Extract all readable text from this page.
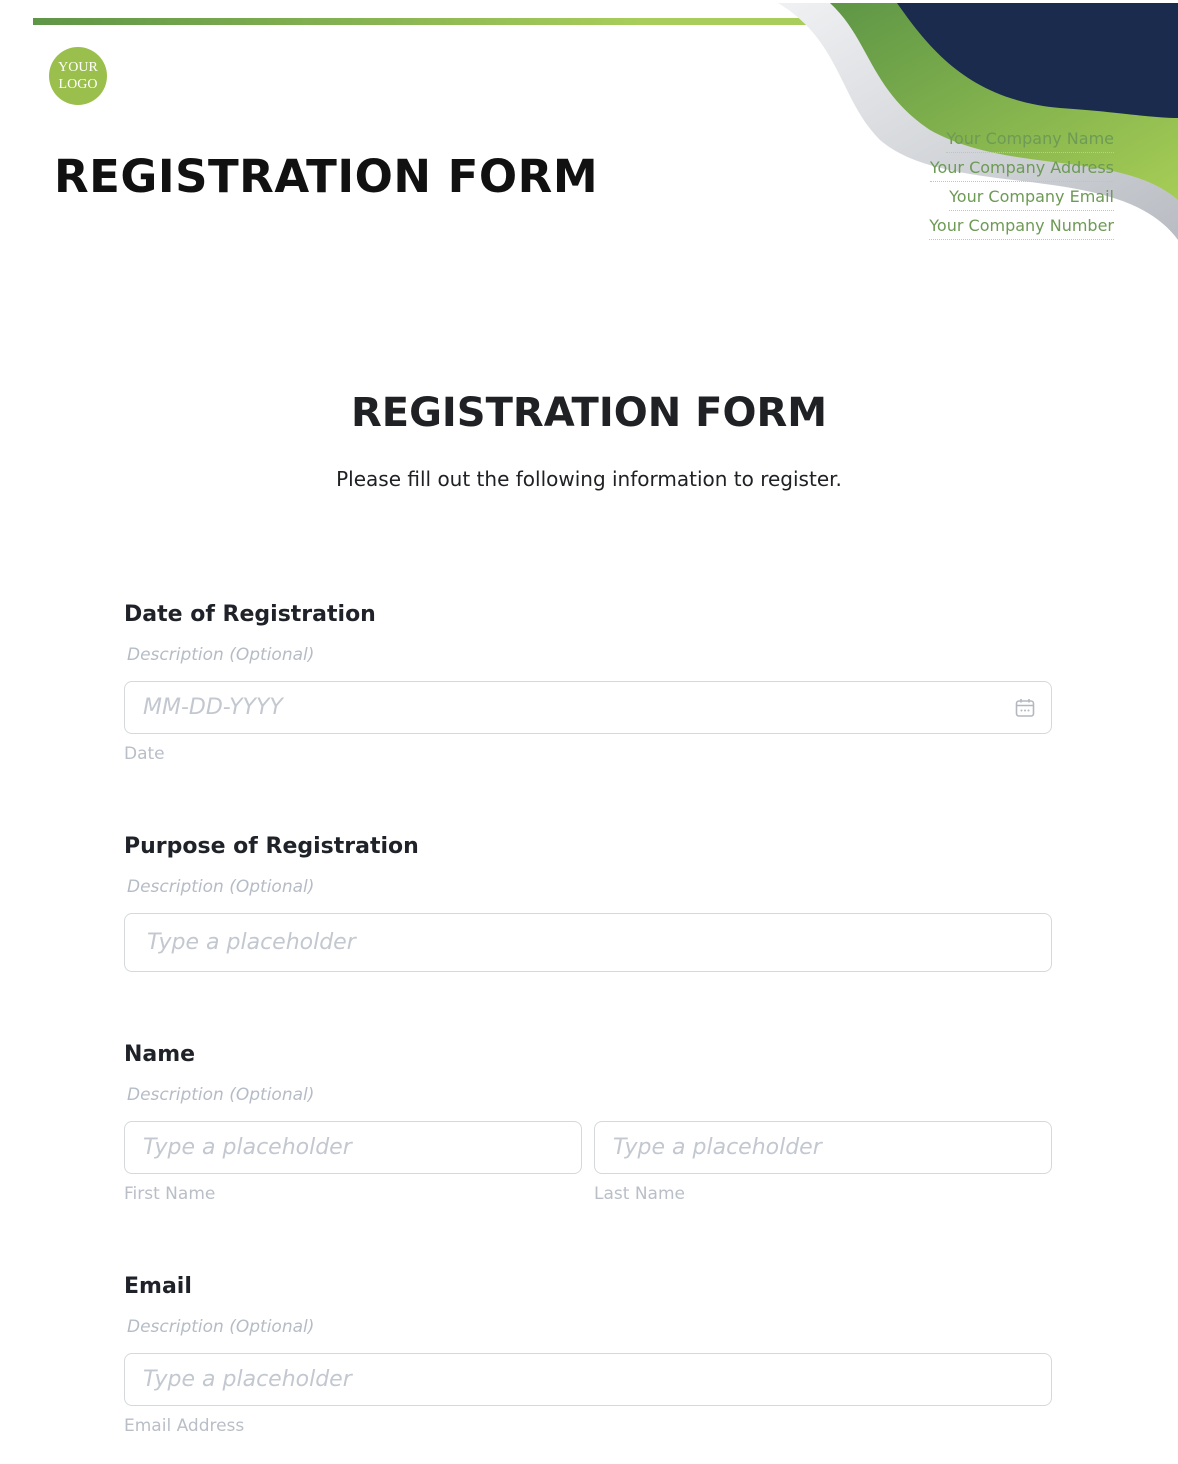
YOUR
LOGO
REGISTRATION FORM
Your Company Name
Your Company Address
Your Company Email
Your Company Number
REGISTRATION FORM
Please fill out the following information to register.
Date of Registration
Description (Optional)
MM-DD-YYYY
Date
Purpose of Registration
Description (Optional)
Type a placeholder
Name
Description (Optional)
Type a placeholder
First Name
Type a placeholder
Last Name
Email
Description (Optional)
Type a placeholder
Email Address
